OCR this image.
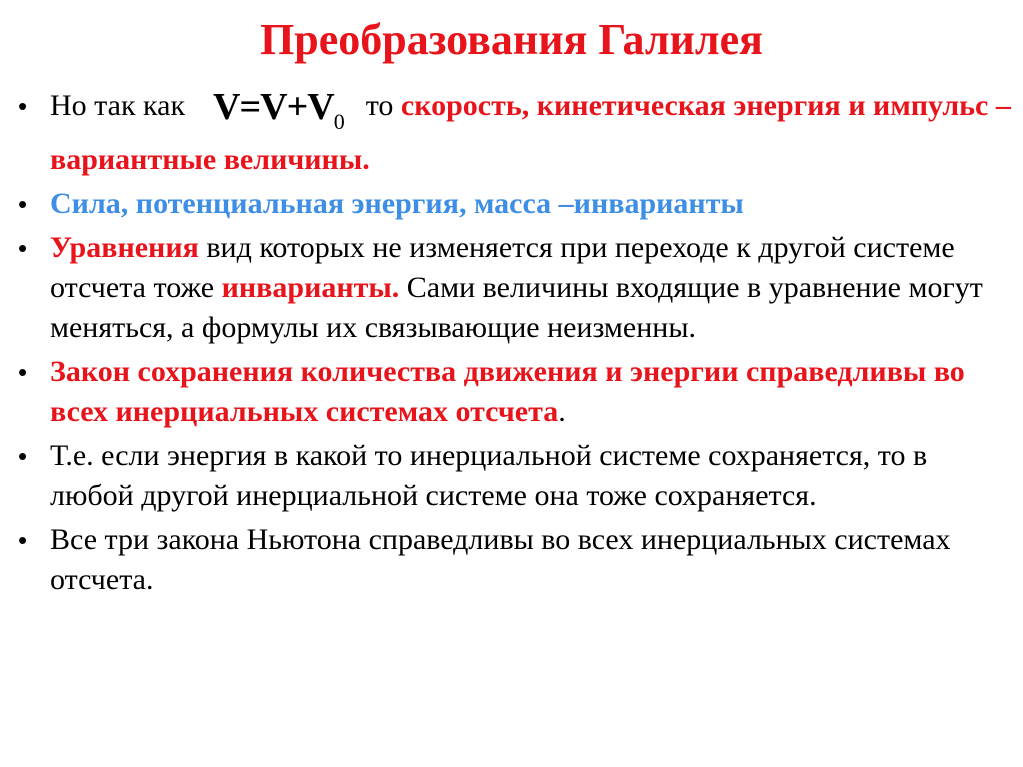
Преобразования Галилея
• Но так как $V=V+V_0$ то скорость, кинетическая энергия и импульс – вариантные величины.
• Сила, потенциальная энергия, масса –инварианты
• Уравнения вид которых не изменяется при переходе к другой системе отсчета тоже инварианты. Сами величины входящие в уравнение могут меняться, а формулы их связывающие неизменны.
• Закон сохранения количества движения и энергии справедливы во всех инерциальных системах отсчета.
• Т.е. если энергия в какой то инерциальной системе сохраняется, то в любой другой инерциальной системе она тоже сохраняется.
• Все три закона Ньютона справедливы во всех инерциальных системах отсчета.
